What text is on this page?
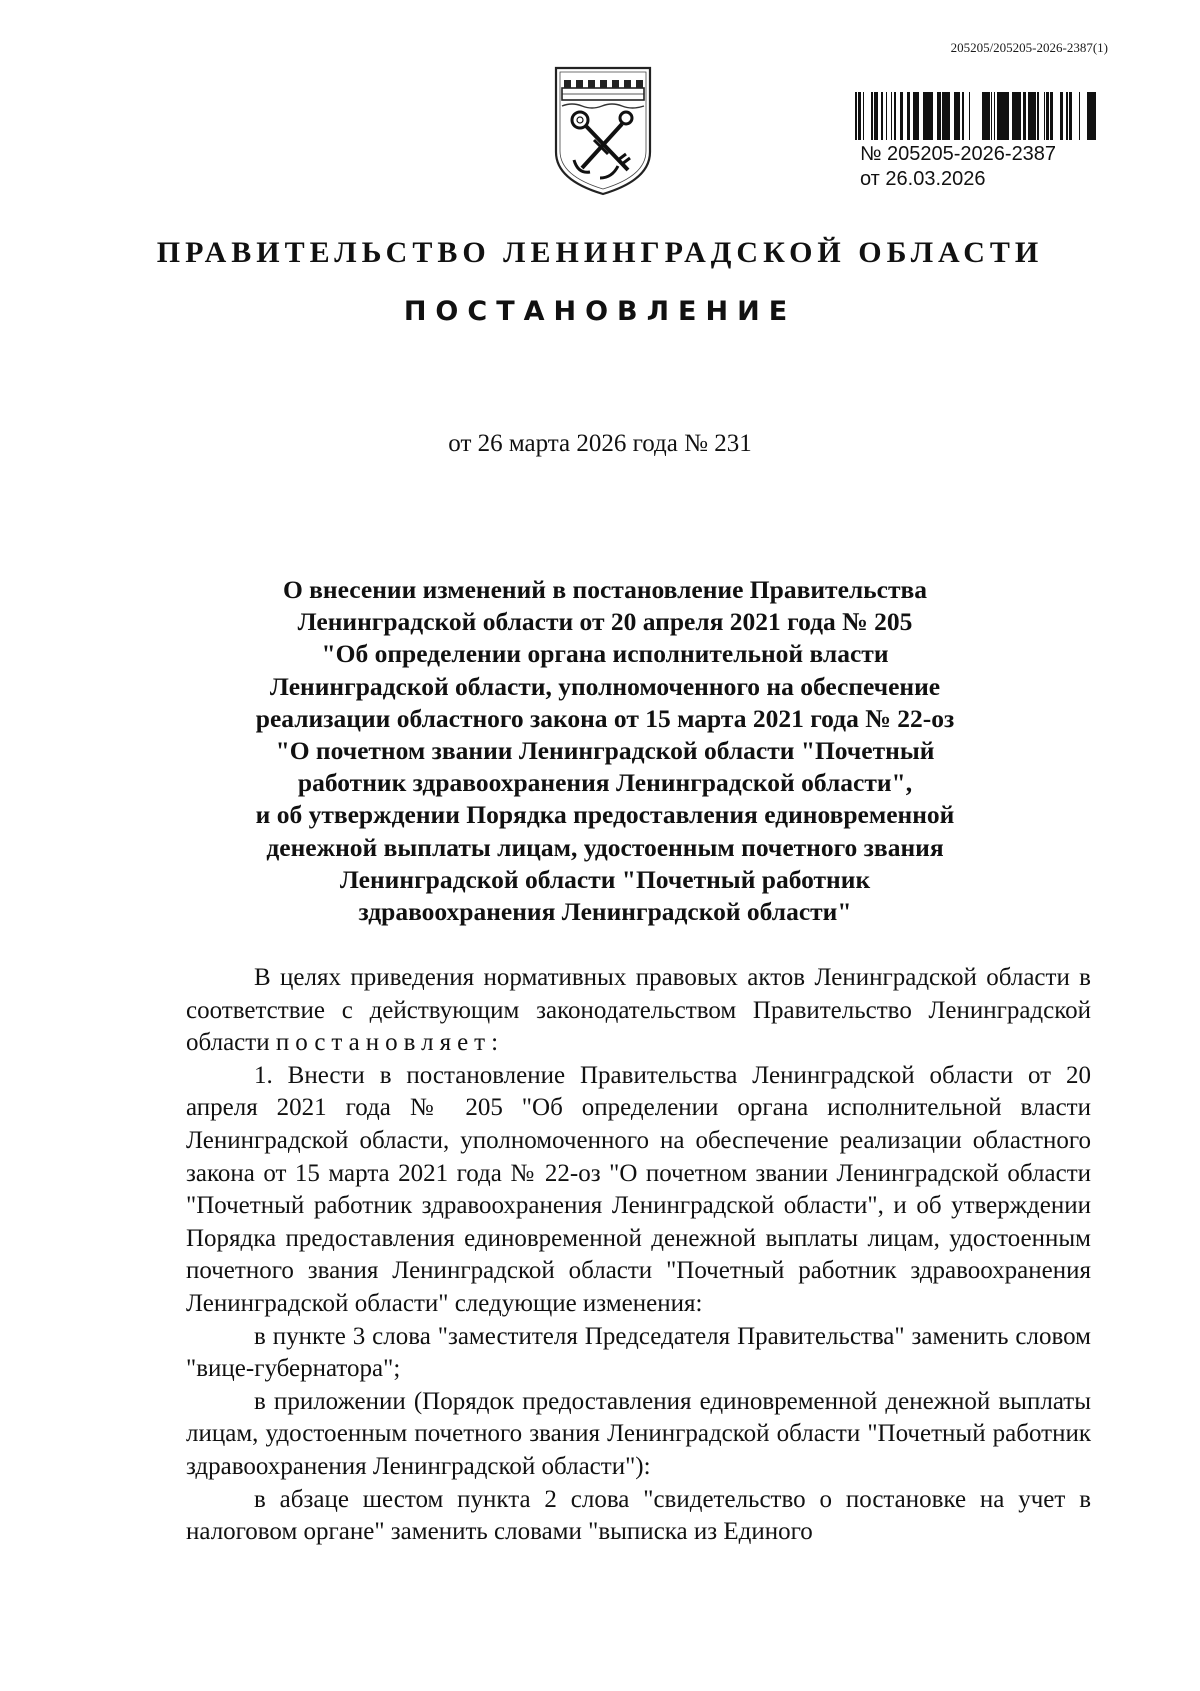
205205/205205-2026-2387(1)
№ 205205-2026-2387
от 26.03.2026
ПРАВИТЕЛЬСТВО ЛЕНИНГРАДСКОЙ ОБЛАСТИ
ПОСТАНОВЛЕНИЕ
от 26 марта 2026 года № 231
О внесении изменений в постановление Правительства
Ленинградской области от 20 апреля 2021 года № 205
"Об определении органа исполнительной власти
Ленинградской области, уполномоченного на обеспечение
реализации областного закона от 15 марта 2021 года № 22-оз
"О почетном звании Ленинградской области "Почетный
работник здравоохранения Ленинградской области",
и об утверждении Порядка предоставления единовременной
денежной выплаты лицам, удостоенным почетного звания
Ленинградской области "Почетный работник
здравоохранения Ленинградской области"

В целях приведения нормативных правовых актов Ленинградской области в соответствие с действующим законодательством Правительство Ленинградской области постановляет:

1. Внести в постановление Правительства Ленинградской области от 20 апреля 2021 года № 205 "Об определении органа исполнительной власти Ленинградской области, уполномоченного на обеспечение реализации областного закона от 15 марта 2021 года № 22-оз "О почетном звании Ленинградской области "Почетный работник здравоохранения Ленинградской области", и об утверждении Порядка предоставления единовременной денежной выплаты лицам, удостоенным почетного звания Ленинградской области "Почетный работник здравоохранения Ленинградской области" следующие изменения:

в пункте 3 слова "заместителя Председателя Правительства" заменить словом "вице-губернатора";

в приложении (Порядок предоставления единовременной денежной выплаты лицам, удостоенным почетного звания Ленинградской области "Почетный работник здравоохранения Ленинградской области"):

в абзаце шестом пункта 2 слова "свидетельство о постановке на учет в налоговом органе" заменить словами "выписка из Единого
